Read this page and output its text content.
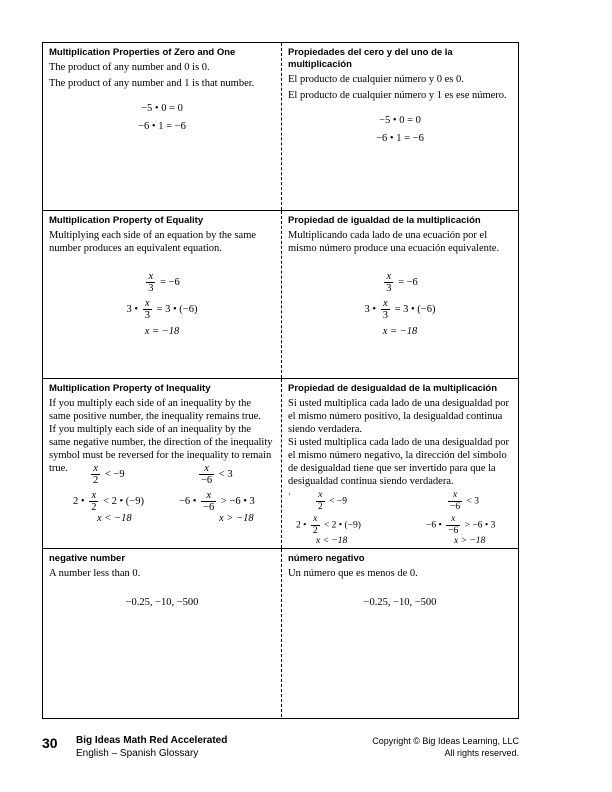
Multiplication Properties of Zero and One

The product of any number and 0 is 0.

The product of any number and 1 is that number.

−5 • 0 = 0
−6 • 1 = −6

Propiedades del cero y del uno de la multiplicación

El producto de cualquier número y 0 es 0.

El producto de cualquier número y 1 es ese número.

−5 • 0 = 0
−6 • 1 = −6

Multiplication Property of Equality

Multiplying each side of an equation by the same number produces an equivalent equation.

$\frac{x}{3} = -6$
3 • $\frac{x}{3} = 3$ • (−6)
x = −18

Propiedad de igualdad de la multiplicación

Multiplicando cada lado de una ecuación por el mismo número produce una ecuación equivalente.

$\frac{x}{3} = -6$
3 • $\frac{x}{3} = 3$ • (−6)
x = −18

Multiplication Property of Inequality

If you multiply each side of an inequality by the same positive number, the inequality remains true.

If you multiply each side of an inequality by the same negative number, the direction of the inequality symbol must be reversed for the inequality to remain true.	$\frac{x}{2} < -9$
2 • $\frac{x}{2} < 2$ • (−9)
x < −18
$\frac{x}{-6} < 3$
−6 • $\frac{x}{-6} > -6$ • 3
x > −18

Propiedad de desigualdad de la multiplicación

Si usted multiplica cada lado de una desigualdad por el mismo número positivo, la desigualdad continua siendo verdadera.

Si usted multiplica cada lado de una desigualdad por el mismo número negativo, la dirección del símbolo de desigualdad tiene que ser invertido para que la desigualdad continua siendo verdadera.

·	$\frac{x}{2} < -9$
2 • $\frac{x}{2} < 2$ • (−9)
x < −18
$\frac{x}{-6} < 3$
−6 • $\frac{x}{-6} > -6$ • 3
x > −18

negative number

A number less than 0.

−0.25, −10, −500

número negativo

Un número que es menos de 0.

−0.25, −10, −500
30 Big Ideas Math Red Accelerated
English – Spanish Glossary
Copyright © Big Ideas Learning, LLC
All rights reserved.
